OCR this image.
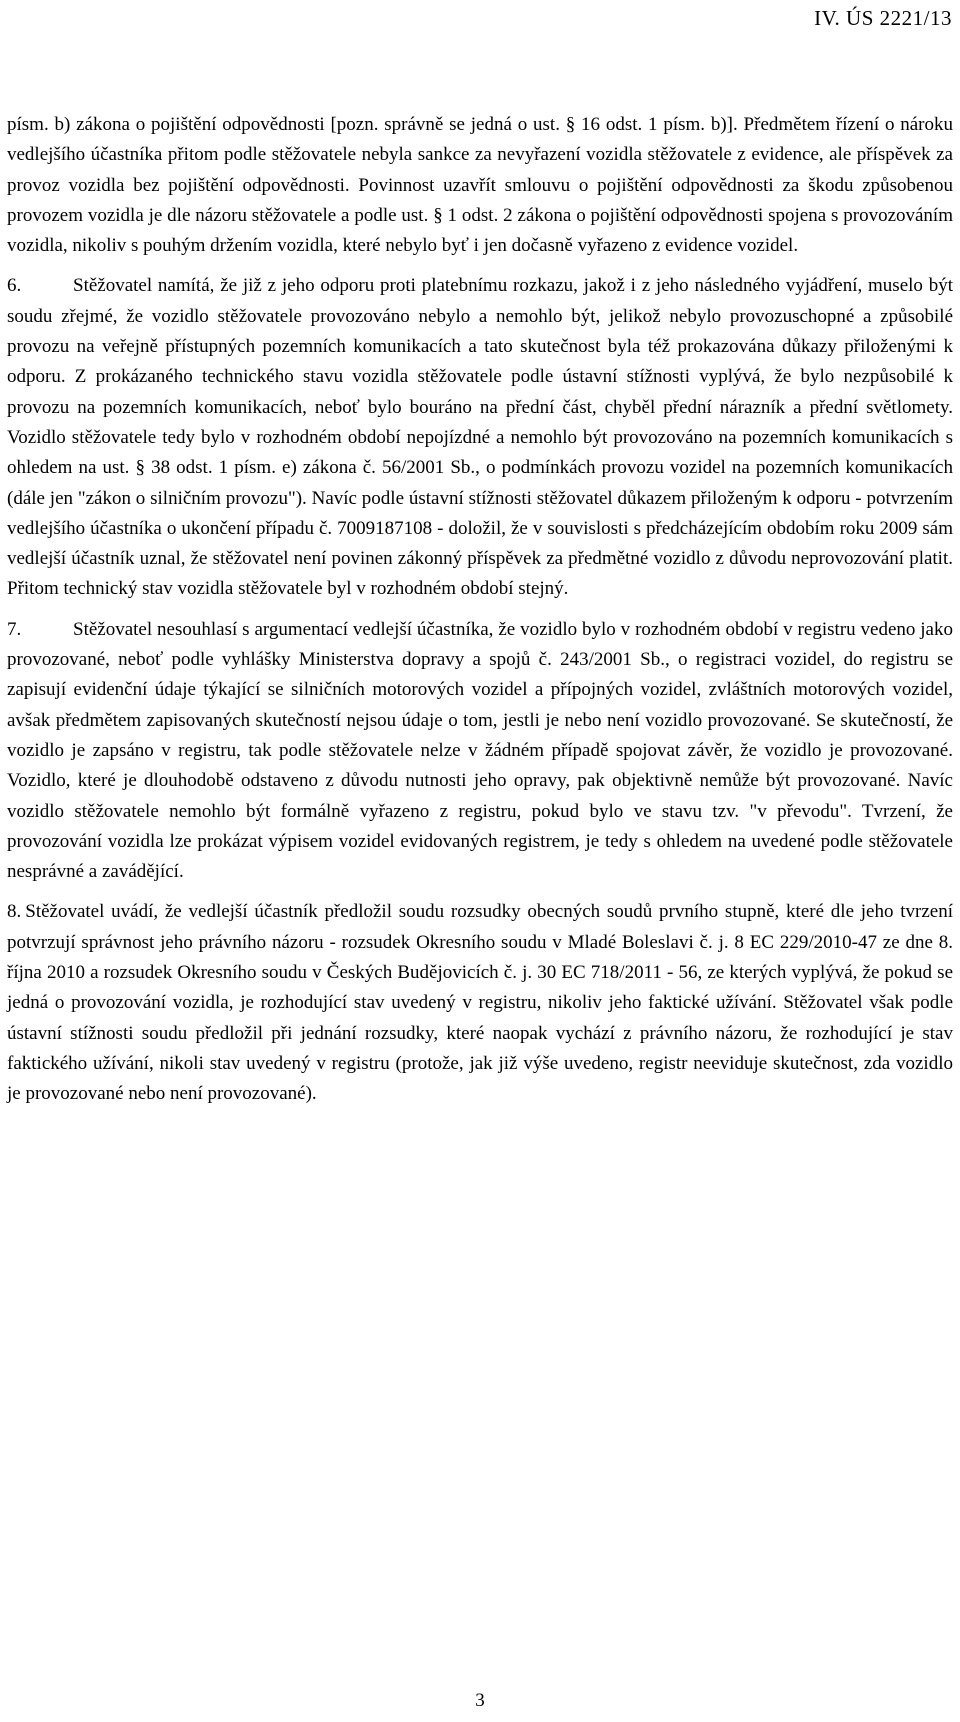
IV. ÚS 2221/13

písm. b) zákona o pojištění odpovědnosti [pozn. správně se jedná o ust. § 16 odst. 1 písm. b)]. Předmětem řízení o nároku vedlejšího účastníka přitom podle stěžovatele nebyla sankce za nevyřazení vozidla stěžovatele z evidence, ale příspěvek za provoz vozidla bez pojištění odpovědnosti. Povinnost uzavřít smlouvu o pojištění odpovědnosti za škodu způsobenou provozem vozidla je dle názoru stěžovatele a podle ust. § 1 odst. 2 zákona o pojištění odpovědnosti spojena s provozováním vozidla, nikoliv s pouhým držením vozidla, které nebylo byť i jen dočasně vyřazeno z evidence vozidel.

6.	Stěžovatel namítá, že již z jeho odporu proti platebnímu rozkazu, jakož i z jeho následného vyjádření, muselo být soudu zřejmé, že vozidlo stěžovatele provozováno nebylo a nemohlo být, jelikož nebylo provozuschopné a způsobilé provozu na veřejně přístupných pozemních komunikacích a tato skutečnost byla též prokazována důkazy přiloženými k odporu. Z prokázaného technického stavu vozidla stěžovatele podle ústavní stížnosti vyplývá, že bylo nezpůsobilé k provozu na pozemních komunikacích, neboť bylo bouráno na přední část, chyběl přední nárazník a přední světlomety. Vozidlo stěžovatele tedy bylo v rozhodném období nepojízdné a nemohlo být provozováno na pozemních komunikacích s ohledem na ust. § 38 odst. 1 písm. e) zákona č. 56/2001 Sb., o podmínkách provozu vozidel na pozemních komunikacích (dále jen "zákon o silničním provozu"). Navíc podle ústavní stížnosti stěžovatel důkazem přiloženým k odporu - potvrzením vedlejšího účastníka o ukončení případu č. 7009187108 - doložil, že v souvislosti s předcházejícím obdobím roku 2009 sám vedlejší účastník uznal, že stěžovatel není povinen zákonný příspěvek za předmětné vozidlo z důvodu neprovozování platit. Přitom technický stav vozidla stěžovatele byl v rozhodném období stejný.

7.	Stěžovatel nesouhlasí s argumentací vedlejší účastníka, že vozidlo bylo v rozhodném období v registru vedeno jako provozované, neboť podle vyhlášky Ministerstva dopravy a spojů č. 243/2001 Sb., o registraci vozidel, do registru se zapisují evidenční údaje týkající se silničních motorových vozidel a přípojných vozidel, zvláštních motorových vozidel, avšak předmětem zapisovaných skutečností nejsou údaje o tom, jestli je nebo není vozidlo provozované. Se skutečností, že vozidlo je zapsáno v registru, tak podle stěžovatele nelze v žádném případě spojovat závěr, že vozidlo je provozované. Vozidlo, které je dlouhodobě odstaveno z důvodu nutnosti jeho opravy, pak objektivně nemůže být provozované. Navíc vozidlo stěžovatele nemohlo být formálně vyřazeno z registru, pokud bylo ve stavu tzv. "v převodu". Tvrzení, že provozování vozidla lze prokázat výpisem vozidel evidovaných registrem, je tedy s ohledem na uvedené podle stěžovatele nesprávné a zavádějící.

8. Stěžovatel uvádí, že vedlejší účastník předložil soudu rozsudky obecných soudů prvního stupně, které dle jeho tvrzení potvrzují správnost jeho právního názoru - rozsudek Okresního soudu v Mladé Boleslavi č. j. 8 EC 229/2010-47 ze dne 8. října 2010 a rozsudek Okresního soudu v Českých Budějovicích č. j. 30 EC 718/2011 - 56, ze kterých vyplývá, že pokud se jedná o provozování vozidla, je rozhodující stav uvedený v registru, nikoliv jeho faktické užívání. Stěžovatel však podle ústavní stížnosti soudu předložil při jednání rozsudky, které naopak vychází z právního názoru, že rozhodující je stav faktického užívání, nikoli stav uvedený v registru (protože, jak již výše uvedeno, registr neeviduje skutečnost, zda vozidlo je provozované nebo není provozované).

3
